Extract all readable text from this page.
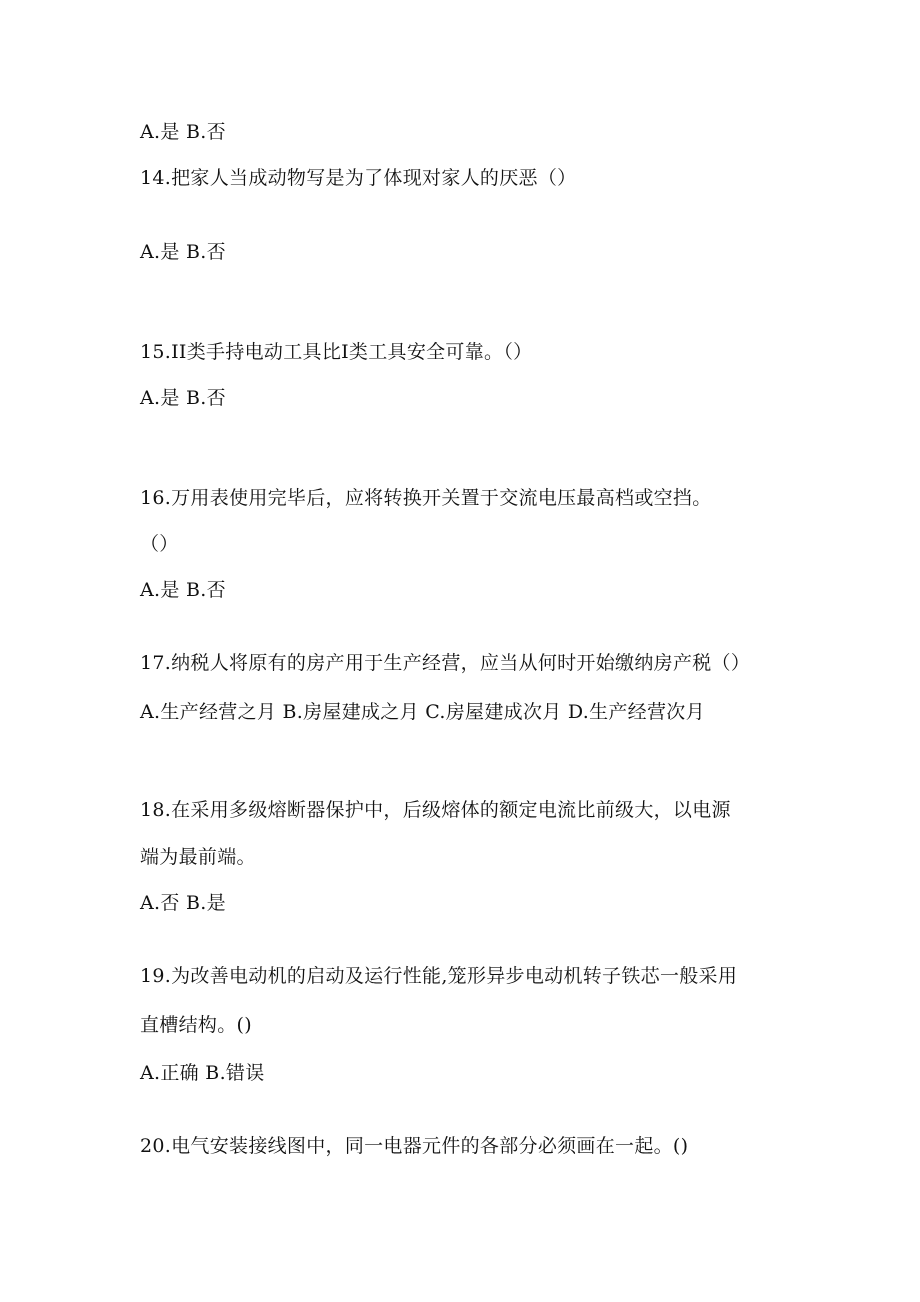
A.是 B.否
14.把家人当成动物写是为了体现对家人的厌恶（）
A.是 B.否
15.II类手持电动工具比I类工具安全可靠。（）
A.是 B.否
16.万用表使用完毕后，应将转换开关置于交流电压最高档或空挡。
（）
A.是 B.否
17.纳税人将原有的房产用于生产经营，应当从何时开始缴纳房产税（）
A.生产经营之月 B.房屋建成之月 C.房屋建成次月 D.生产经营次月
18.在采用多级熔断器保护中，后级熔体的额定电流比前级大，以电源
端为最前端。
A.否 B.是
19.为改善电动机的启动及运行性能,笼形异步电动机转子铁芯一般采用
直槽结构。()
A.正确 B.错误
20.电气安装接线图中，同一电器元件的各部分必须画在一起。()
